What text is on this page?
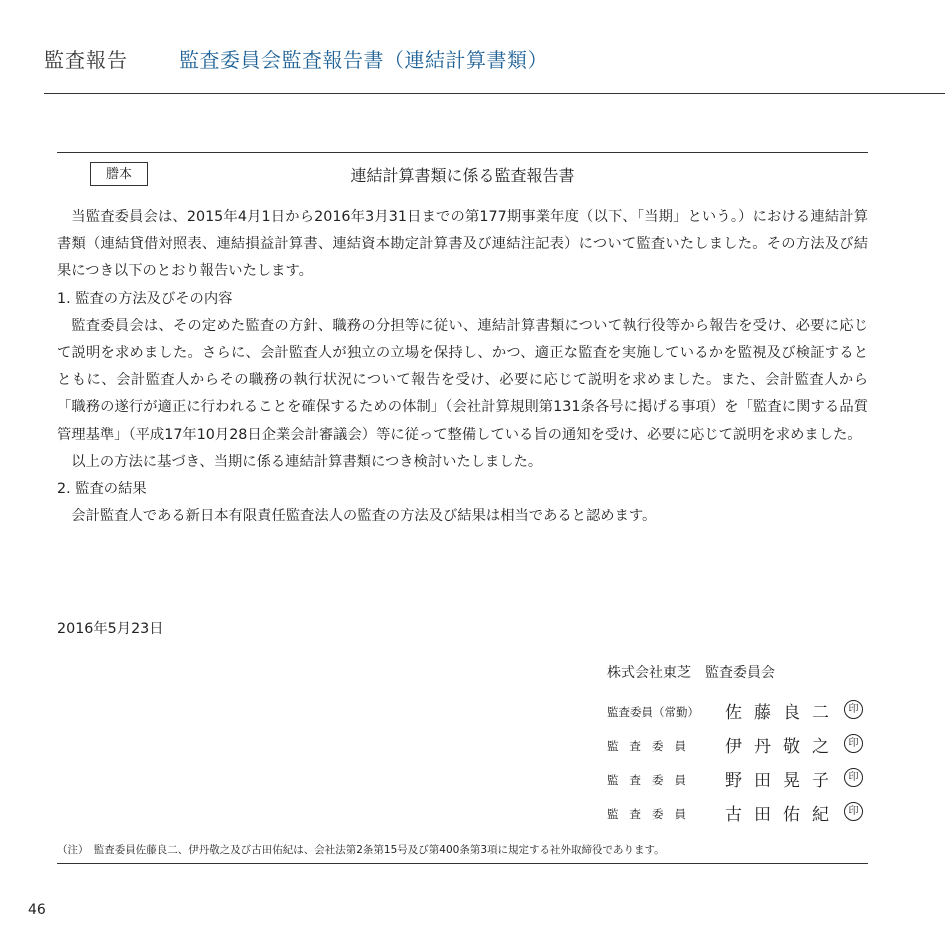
監査報告	監査委員会監査報告書（連結計算書類）
謄本	連結計算書類に係る監査報告書

当監査委員会は、2015年4月1日から2016年3月31日までの第177期事業年度（以下、「当期」という。）における連結計算書類（連結貸借対照表、連結損益計算書、連結資本勘定計算書及び連結注記表）について監査いたしました。その方法及び結果につき以下のとおり報告いたします。

1. 監査の方法及びその内容

監査委員会は、その定めた監査の方針、職務の分担等に従い、連結計算書類について執行役等から報告を受け、必要に応じて説明を求めました。さらに、会計監査人が独立の立場を保持し、かつ、適正な監査を実施しているかを監視及び検証するとともに、会計監査人からその職務の執行状況について報告を受け、必要に応じて説明を求めました。また、会計監査人から「職務の遂行が適正に行われることを確保するための体制」（会社計算規則第131条各号に掲げる事項）を「監査に関する品質管理基準」（平成17年10月28日企業会計審議会）等に従って整備している旨の通知を受け、必要に応じて説明を求めました。

以上の方法に基づき、当期に係る連結計算書類につき検討いたしました。

2. 監査の結果

会計監査人である新日本有限責任監査法人の監査の方法及び結果は相当であると認めます。

2016年5月23日
株式会社東芝　監査委員会
監査委員（常勤）	佐藤良二 印
監査委員	伊丹敬之 印
監査委員	野田晃子 印
監査委員	古田佑紀 印
（注）　監査委員佐藤良二、伊丹敬之及び古田佑紀は、会社法第2条第15号及び第400条第3項に規定する社外取締役であります。
46
